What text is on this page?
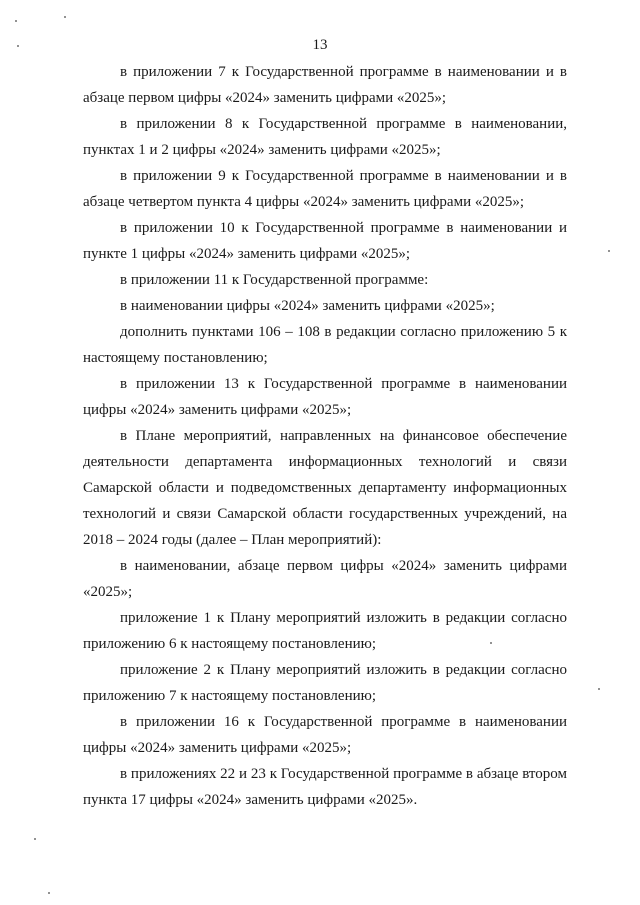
13

в приложении 7 к Государственной программе в наименовании и в абзаце первом цифры «2024» заменить цифрами «2025»;

в приложении 8 к Государственной программе в наименовании, пунктах 1 и 2 цифры «2024» заменить цифрами «2025»;

в приложении 9 к Государственной программе в наименовании и в абзаце четвертом пункта 4 цифры «2024» заменить цифрами «2025»;

в приложении 10 к Государственной программе в наименовании и пункте 1 цифры «2024» заменить цифрами «2025»;

в приложении 11 к Государственной программе:

в наименовании цифры «2024» заменить цифрами «2025»;

дополнить пунктами 106 – 108 в редакции согласно приложению 5 к настоящему постановлению;

в приложении 13 к Государственной программе в наименовании цифры «2024» заменить цифрами «2025»;

в Плане мероприятий, направленных на финансовое обеспечение деятельности департамента информационных технологий и связи Самарской области и подведомственных департаменту информационных технологий и связи Самарской области государственных учреждений, на 2018 – 2024 годы (далее – План мероприятий):

в наименовании, абзаце первом цифры «2024» заменить цифрами «2025»;

приложение 1 к Плану мероприятий изложить в редакции согласно приложению 6 к настоящему постановлению;

приложение 2 к Плану мероприятий изложить в редакции согласно приложению 7 к настоящему постановлению;

в приложении 16 к Государственной программе в наименовании цифры «2024» заменить цифрами «2025»;

в приложениях 22 и 23 к Государственной программе в абзаце втором пункта 17 цифры «2024» заменить цифрами «2025».
